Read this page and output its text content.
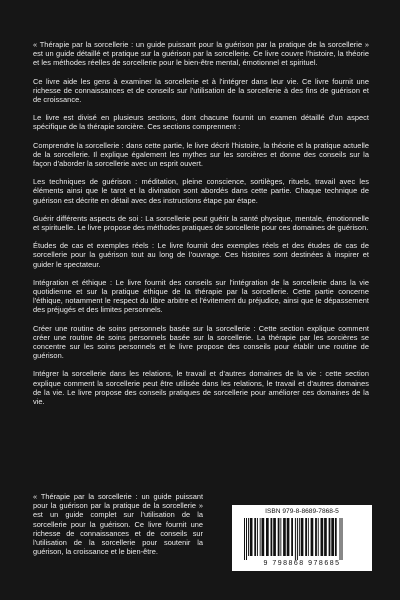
« Thérapie par la sorcellerie : un guide puissant pour la guérison par la pratique de la sorcellerie » est un guide détaillé et pratique sur la guérison par la sorcellerie. Ce livre couvre l'histoire, la théorie et les méthodes réelles de sorcellerie pour le bien-être mental, émotionnel et spirituel.

Ce livre aide les gens à examiner la sorcellerie et à l'intégrer dans leur vie. Ce livre fournit une richesse de connaissances et de conseils sur l'utilisation de la sorcellerie à des fins de guérison et de croissance.

Le livre est divisé en plusieurs sections, dont chacune fournit un examen détaillé d'un aspect spécifique de la thérapie sorcière. Ces sections comprennent :

Comprendre la sorcellerie : dans cette partie, le livre décrit l'histoire, la théorie et la pratique actuelle de la sorcellerie. Il explique également les mythes sur les sorcières et donne des conseils sur la façon d'aborder la sorcellerie avec un esprit ouvert.

Les techniques de guérison : méditation, pleine conscience, sortilèges, rituels, travail avec les éléments ainsi que le tarot et la divination sont abordés dans cette partie. Chaque technique de guérison est décrite en détail avec des instructions étape par étape.

Guérir différents aspects de soi : La sorcellerie peut guérir la santé physique, mentale, émotionnelle et spirituelle. Le livre propose des méthodes pratiques de sorcellerie pour ces domaines de guérison.

Études de cas et exemples réels : Le livre fournit des exemples réels et des études de cas de sorcellerie pour la guérison tout au long de l'ouvrage. Ces histoires sont destinées à inspirer et guider le spectateur.

Intégration et éthique : Le livre fournit des conseils sur l'intégration de la sorcellerie dans la vie quotidienne et sur la pratique éthique de la thérapie par la sorcellerie. Cette partie concerne l'éthique, notamment le respect du libre arbitre et l'évitement du préjudice, ainsi que le dépassement des préjugés et des limites personnels.

Créer une routine de soins personnels basée sur la sorcellerie : Cette section explique comment créer une routine de soins personnels basée sur la sorcellerie. La thérapie par les sorcières se concentre sur les soins personnels et le livre propose des conseils pour établir une routine de guérison.

Intégrer la sorcellerie dans les relations, le travail et d'autres domaines de la vie : cette section explique comment la sorcellerie peut être utilisée dans les relations, le travail et d'autres domaines de la vie. Le livre propose des conseils pratiques de sorcellerie pour améliorer ces domaines de la vie.

« Thérapie par la sorcellerie : un guide puissant pour la guérison par la pratique de la sorcellerie » est un guide complet sur l'utilisation de la sorcellerie pour la guérison. Ce livre fournit une richesse de connaissances et de conseils sur l'utilisation de la sorcellerie pour soutenir la guérison, la croissance et le bien-être.

ISBN 979-8-8689-7868-5
9 798868 978685
